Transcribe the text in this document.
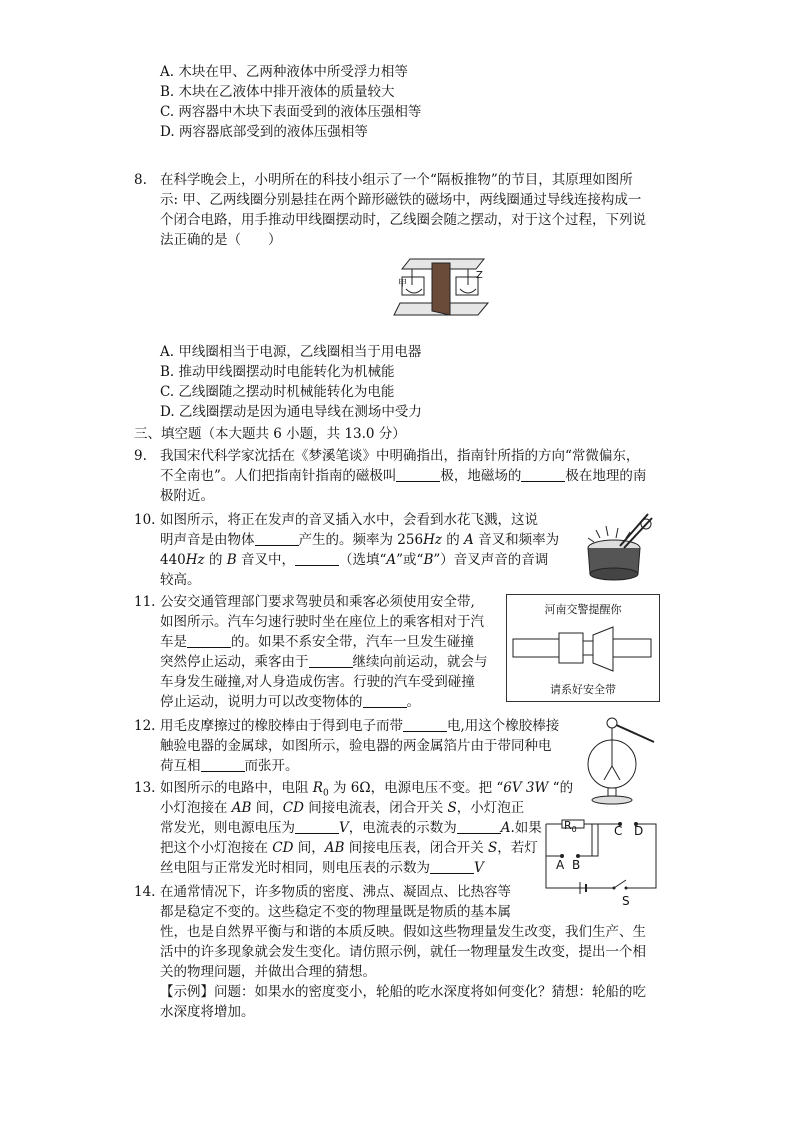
A. 木块在甲、乙两种液体中所受浮力相等
B. 木块在乙液体中排开液体的质量较大
C. 两容器中木块下表面受到的液体压强相等
D. 两容器底部受到的液体压强相等
8. 在科学晚会上，小明所在的科技小组示了一个“隔板推物”的节目，其原理如图所
示: 甲、乙两线圈分别悬挂在两个蹄形磁铁的磁场中，两线圈通过导线连接构成一
个闭合电路，用手推动甲线圈摆动时，乙线圈会随之摆动，对于这个过程，下列说
法正确的是（　　）
甲
Z
A. 甲线圈相当于电源，乙线圈相当于用电器
B. 推动甲线圈摆动时电能转化为机械能
C. 乙线圈随之摆动时机械能转化为电能
D. 乙线圈摆动是因为通电导线在测场中受力
三、填空题（本大题共 6 小题，共 13.0 分）
9. 我国宋代科学家沈括在《梦溪笔谈》中明确指出，指南针所指的方向“常微偏东，
不全南也”。人们把指南针指南的磁极叫	极，地磁场的	极在地理的南
极附近。
10. 如图所示，将正在发声的音叉插入水中，会看到水花飞溅，这说
明声音是由物体	产生的。频率为 256Hz 的 A 音叉和频率为
440Hz 的 B 音叉中，	（选填“A”或“B”）音叉声音的音调
较高。
11. 公安交通管理部门要求驾驶员和乘客必须使用安全带,
如图所示。汽车匀速行驶时坐在座位上的乘客相对于汽
车是	的。如果不系安全带，汽车一旦发生碰撞
突然停止运动，乘客由于	继续向前运动，就会与
车身发生碰撞,对人身造成伤害。行驶的汽车受到碰撞
停止运动，说明力可以改变物体的	。
河南交警提醒你
请系好安全带
12. 用毛皮摩擦过的橡胶棒由于得到电子而带	电,用这个橡胶棒接
触验电器的金属球，如图所示，验电器的两金属箔片由于带同种电
荷互相	而张开。
13. 如图所示的电路中，电阻 $R_0$ 为 6Ω，电源电压不变。把 “6V 3W “的
小灯泡接在 AB 间，CD 间接电流表，闭合开关 S，小灯泡正
常发光，则电源电压为	V，电流表的示数为	A.如果
把这个小灯泡接在 CD 间，AB 间接电压表，闭合开关 S，若灯
丝电阻与正常发光时相同，则电压表的示数为	V
$R_0$	C D
A B
S
14. 在通常情况下，许多物质的密度、沸点、凝固点、比热容等
都是稳定不变的。这些稳定不变的物理量既是物质的基本属
性，也是自然界平衡与和谐的本质反映。假如这些物理量发生改变，我们生产、生
活中的许多现象就会发生变化。请仿照示例，就任一物理量发生改变，提出一个相
关的物理问题，并做出合理的猜想。
【示例】问题：如果水的密度变小，轮船的吃水深度将如何变化？猜想：轮船的吃
水深度将增加。
